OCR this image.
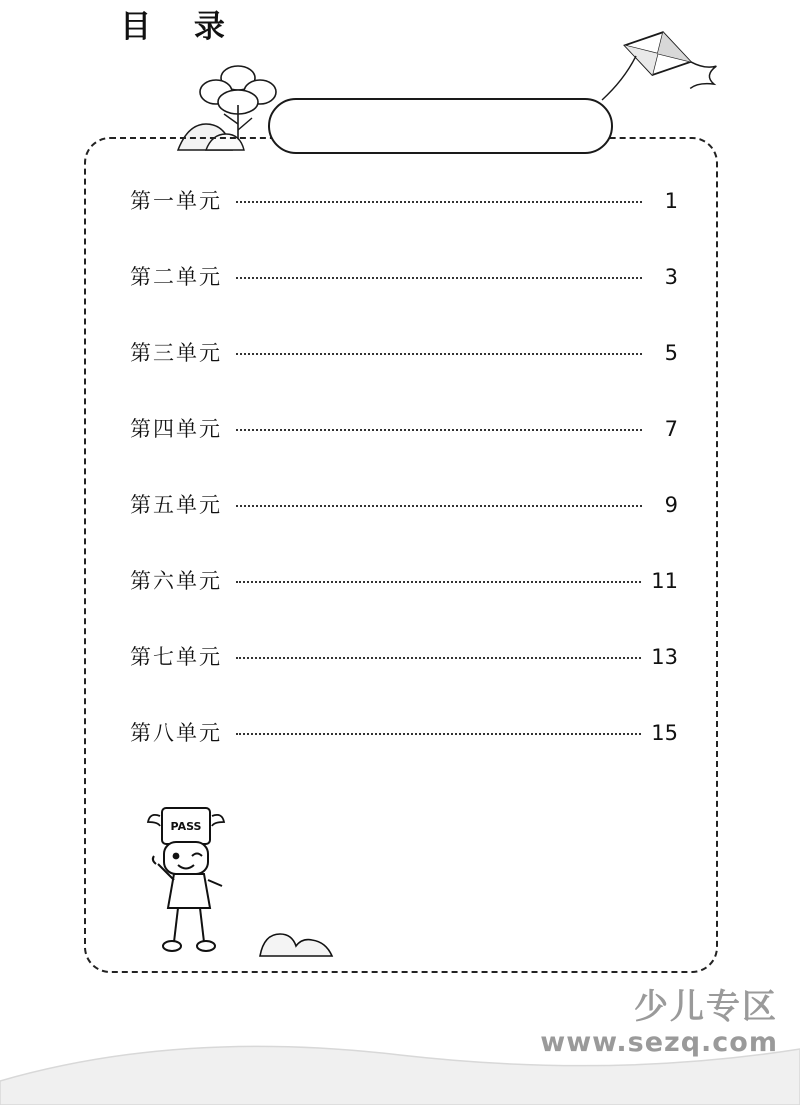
目 录
第一单元	1
第二单元	3
第三单元	5
第四单元	7
第五单元	9
第六单元	11
第七单元	13
第八单元	15
PASS
少儿专区
www.sezq.com
